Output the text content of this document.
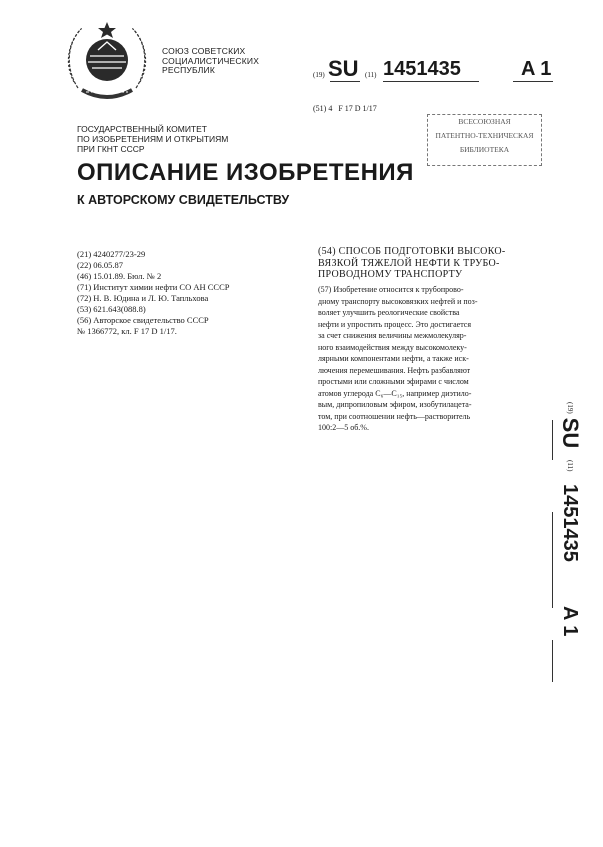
СОЮЗ СОВЕТСКИХ
СОЦИАЛИСТИЧЕСКИХ
РЕСПУБЛИК	(19) SU (11) 1451435	A 1
(51) 4 F 17 D 1/17
ВСЕСОЮЗНАЯ
ПАТЕНТНО-ТЕХНИЧЕСКАЯ
БИБЛИОТЕКА
ГОСУДАРСТВЕННЫЙ КОМИТЕТ
ПО ИЗОБРЕТЕНИЯМ И ОТКРЫТИЯМ
ПРИ ГКНТ СССР
ОПИСАНИЕ ИЗОБРЕТЕНИЯ
К АВТОРСКОМУ СВИДЕТЕЛЬСТВУ
(21) 4240277/23-29
(22) 06.05.87
(46) 15.01.89. Бюл. № 2
(71) Институт химии нефти СО АН СССР
(72) Н. В. Юдина и Л. Ю. Тапльхова
(53) 621.643(088.8)
(56) Авторское свидетельство СССР
№ 1366772, кл. F 17 D 1/17.
(54) СПОСОБ ПОДГОТОВКИ ВЫСОКО-
ВЯЗКОЙ ТЯЖЕЛОЙ НЕФТИ К ТРУБО-
ПРОВОДНОМУ ТРАНСПОРТУ

(57) Изобретение относится к трубопрово-

дному транспорту высоковязких нефтей и поз-

воляет улучшить реологические свойства

нефти и упростить процесс. Это достигается

за счет снижения величины межмолекуляр-

ного взаимодействия между высокомолеку-

лярными компонентами нефти, а также иск-

лючения перемешивания. Нефть разбавляют

простыми или сложными эфирами с числом

атомов углерода C₆—C₁₅, например диэтило-

вым, дипропиловым эфиром, изобутилацета-

том, при соотношении нефть—растворитель

100:2—5 об.%.

(19) SU (11) 1451435 A 1
